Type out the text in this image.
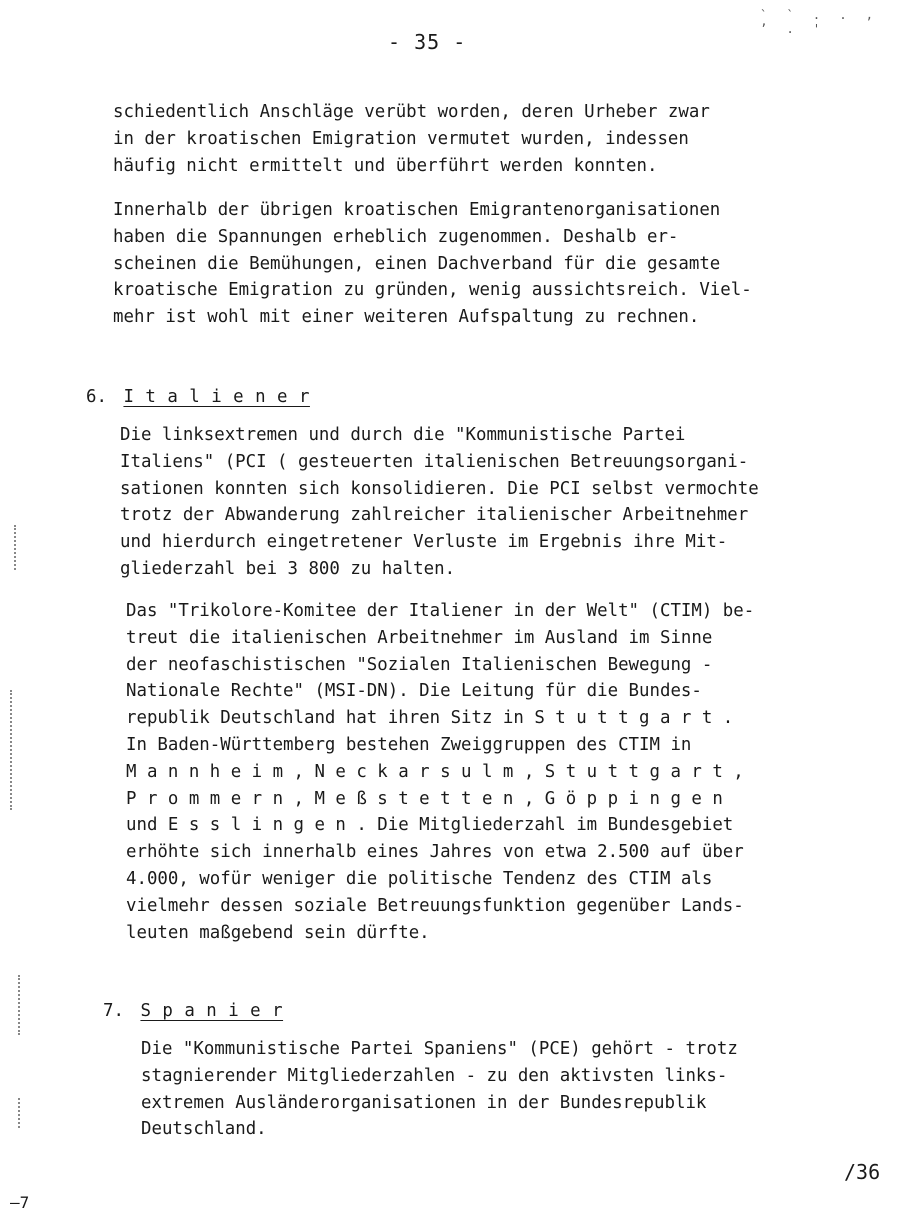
- 35 -
` ` . . , ʼ . '
schiedentlich Anschläge verübt worden, deren Urheber zwar
in der kroatischen Emigration vermutet wurden, indessen
häufig nicht ermittelt und überführt werden konnten.
Innerhalb der übrigen kroatischen Emigrantenorganisationen
haben die Spannungen erheblich zugenommen. Deshalb er-
scheinen die Bemühungen, einen Dachverband für die gesamte
kroatische Emigration zu gründen, wenig aussichtsreich. Viel-
mehr ist wohl mit einer weiteren Aufspaltung zu rechnen.
6. I t a l i e n e r
Die linksextremen und durch die "Kommunistische Partei
Italiens" (PCI ( gesteuerten italienischen Betreuungsorgani-
sationen konnten sich konsolidieren. Die PCI selbst vermochte
trotz der Abwanderung zahlreicher italienischer Arbeitnehmer
und hierdurch eingetretener Verluste im Ergebnis ihre Mit-
gliederzahl bei 3 800 zu halten.
Das "Trikolore-Komitee der Italiener in der Welt" (CTIM) be-
treut die italienischen Arbeitnehmer im Ausland im Sinne
der neofaschistischen "Sozialen Italienischen Bewegung -
Nationale Rechte" (MSI-DN). Die Leitung für die Bundes-
republik Deutschland hat ihren Sitz in S t u t t g a r t .
In Baden-Württemberg bestehen Zweiggruppen des CTIM in
M a n n h e i m , N e c k a r s u l m , S t u t t g a r t ,
P r o m m e r n , M e ß s t e t t e n , G ö p p i n g e n
und E s s l i n g e n . Die Mitgliederzahl im Bundesgebiet
erhöhte sich innerhalb eines Jahres von etwa 2.500 auf über
4.000, wofür weniger die politische Tendenz des CTIM als
vielmehr dessen soziale Betreuungsfunktion gegenüber Lands-
leuten maßgebend sein dürfte.
7. S p a n i e r
Die "Kommunistische Partei Spaniens" (PCE) gehört - trotz
stagnierender Mitgliederzahlen - zu den aktivsten links-
extremen Ausländerorganisationen in der Bundesrepublik
Deutschland.
/36
—7
